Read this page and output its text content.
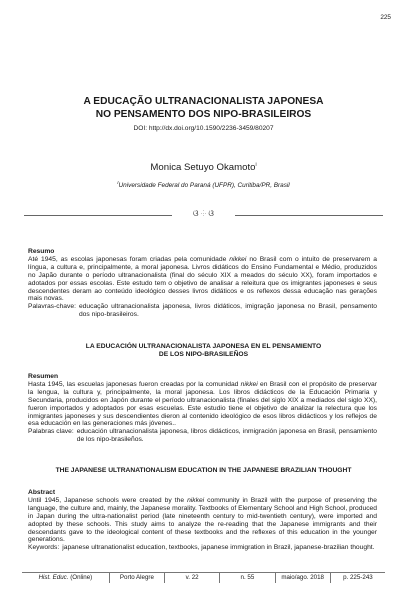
225
A EDUCAÇÃO ULTRANACIONALISTA JAPONESA
NO PENSAMENTO DOS NIPO-BRASILEIROS
DOI: http://dx.doi.org/10.1590/2236-3459/80207
Monica Setuyo Okamoto$^i$
$^I$Universidade Federal do Paraná (UFPR), Curitiba/PR, Brasil
ଓ ⸭ ଓ
Resumo
Até 1945, as escolas japonesas foram criadas pela comunidade nikkei no Brasil com o intuito de preservarem a língua, a cultura e, principalmente, a moral japonesa. Livros didáticos do Ensino Fundamental e Médio, produzidos no Japão durante o período ultranacionalista (final do século XIX a meados do século XX), foram importados e adotados por essas escolas. Este estudo tem o objetivo de analisar a releitura que os imigrantes japoneses e seus descendentes deram ao conteúdo ideológico desses livros didáticos e os reflexos dessa educação nas gerações mais novas.
Palavras-chave: educação ultranacionalista japonesa, livros didáticos, imigração japonesa no Brasil, pensamento dos nipo-brasileiros.
LA EDUCACIÓN ULTRANACIONALISTA JAPONESA EN EL PENSAMIENTO
DE LOS NIPO-BRASILEÑOS
Resumen
Hasta 1945, las escuelas japonesas fueron creadas por la comunidad nikkei en Brasil con el propósito de preservar la lengua, la cultura y, principalmente, la moral japonesa. Los libros didácticos de la Educación Primaria y Secundaria, producidos en Japón durante el período ultranacionalista (finales del siglo XIX a mediados del siglo XX), fueron importados y adoptados por esas escuelas. Este estudio tiene el objetivo de analizar la relectura que los inmigrantes japoneses y sus descendientes dieron al contenido ideológico de esos libros didácticos y los reflejos de esa educación en las generaciones más jóvenes..
Palabras clave: educación ultranacionalista japonesa, libros didácticos, inmigración japonesa en Brasil, pensamiento de los nipo-brasileños.
THE JAPANESE ULTRANATIONALISM EDUCATION IN THE JAPANESE BRAZILIAN THOUGHT
Abstract
Until 1945, Japanese schools were created by the nikkei community in Brazil with the purpose of preserving the language, the culture and, mainly, the Japanese morality. Textbooks of Elementary School and High School, produced in Japan during the ultra-nationalist period (late nineteenth century to mid-twentieth century), were imported and adopted by these schools. This study aims to analyze the re-reading that the Japanese immigrants and their descendants gave to the ideological content of these textbooks and the reflexes of this education in the younger generations.
Keywords: japanese ultranationalist education, textbooks, japanese immigration in Brazil, japanese-brazilian thought.
Hist. Educ. (Online)	Porto Alegre	v. 22	n. 55	maio/ago. 2018	p. 225-243
